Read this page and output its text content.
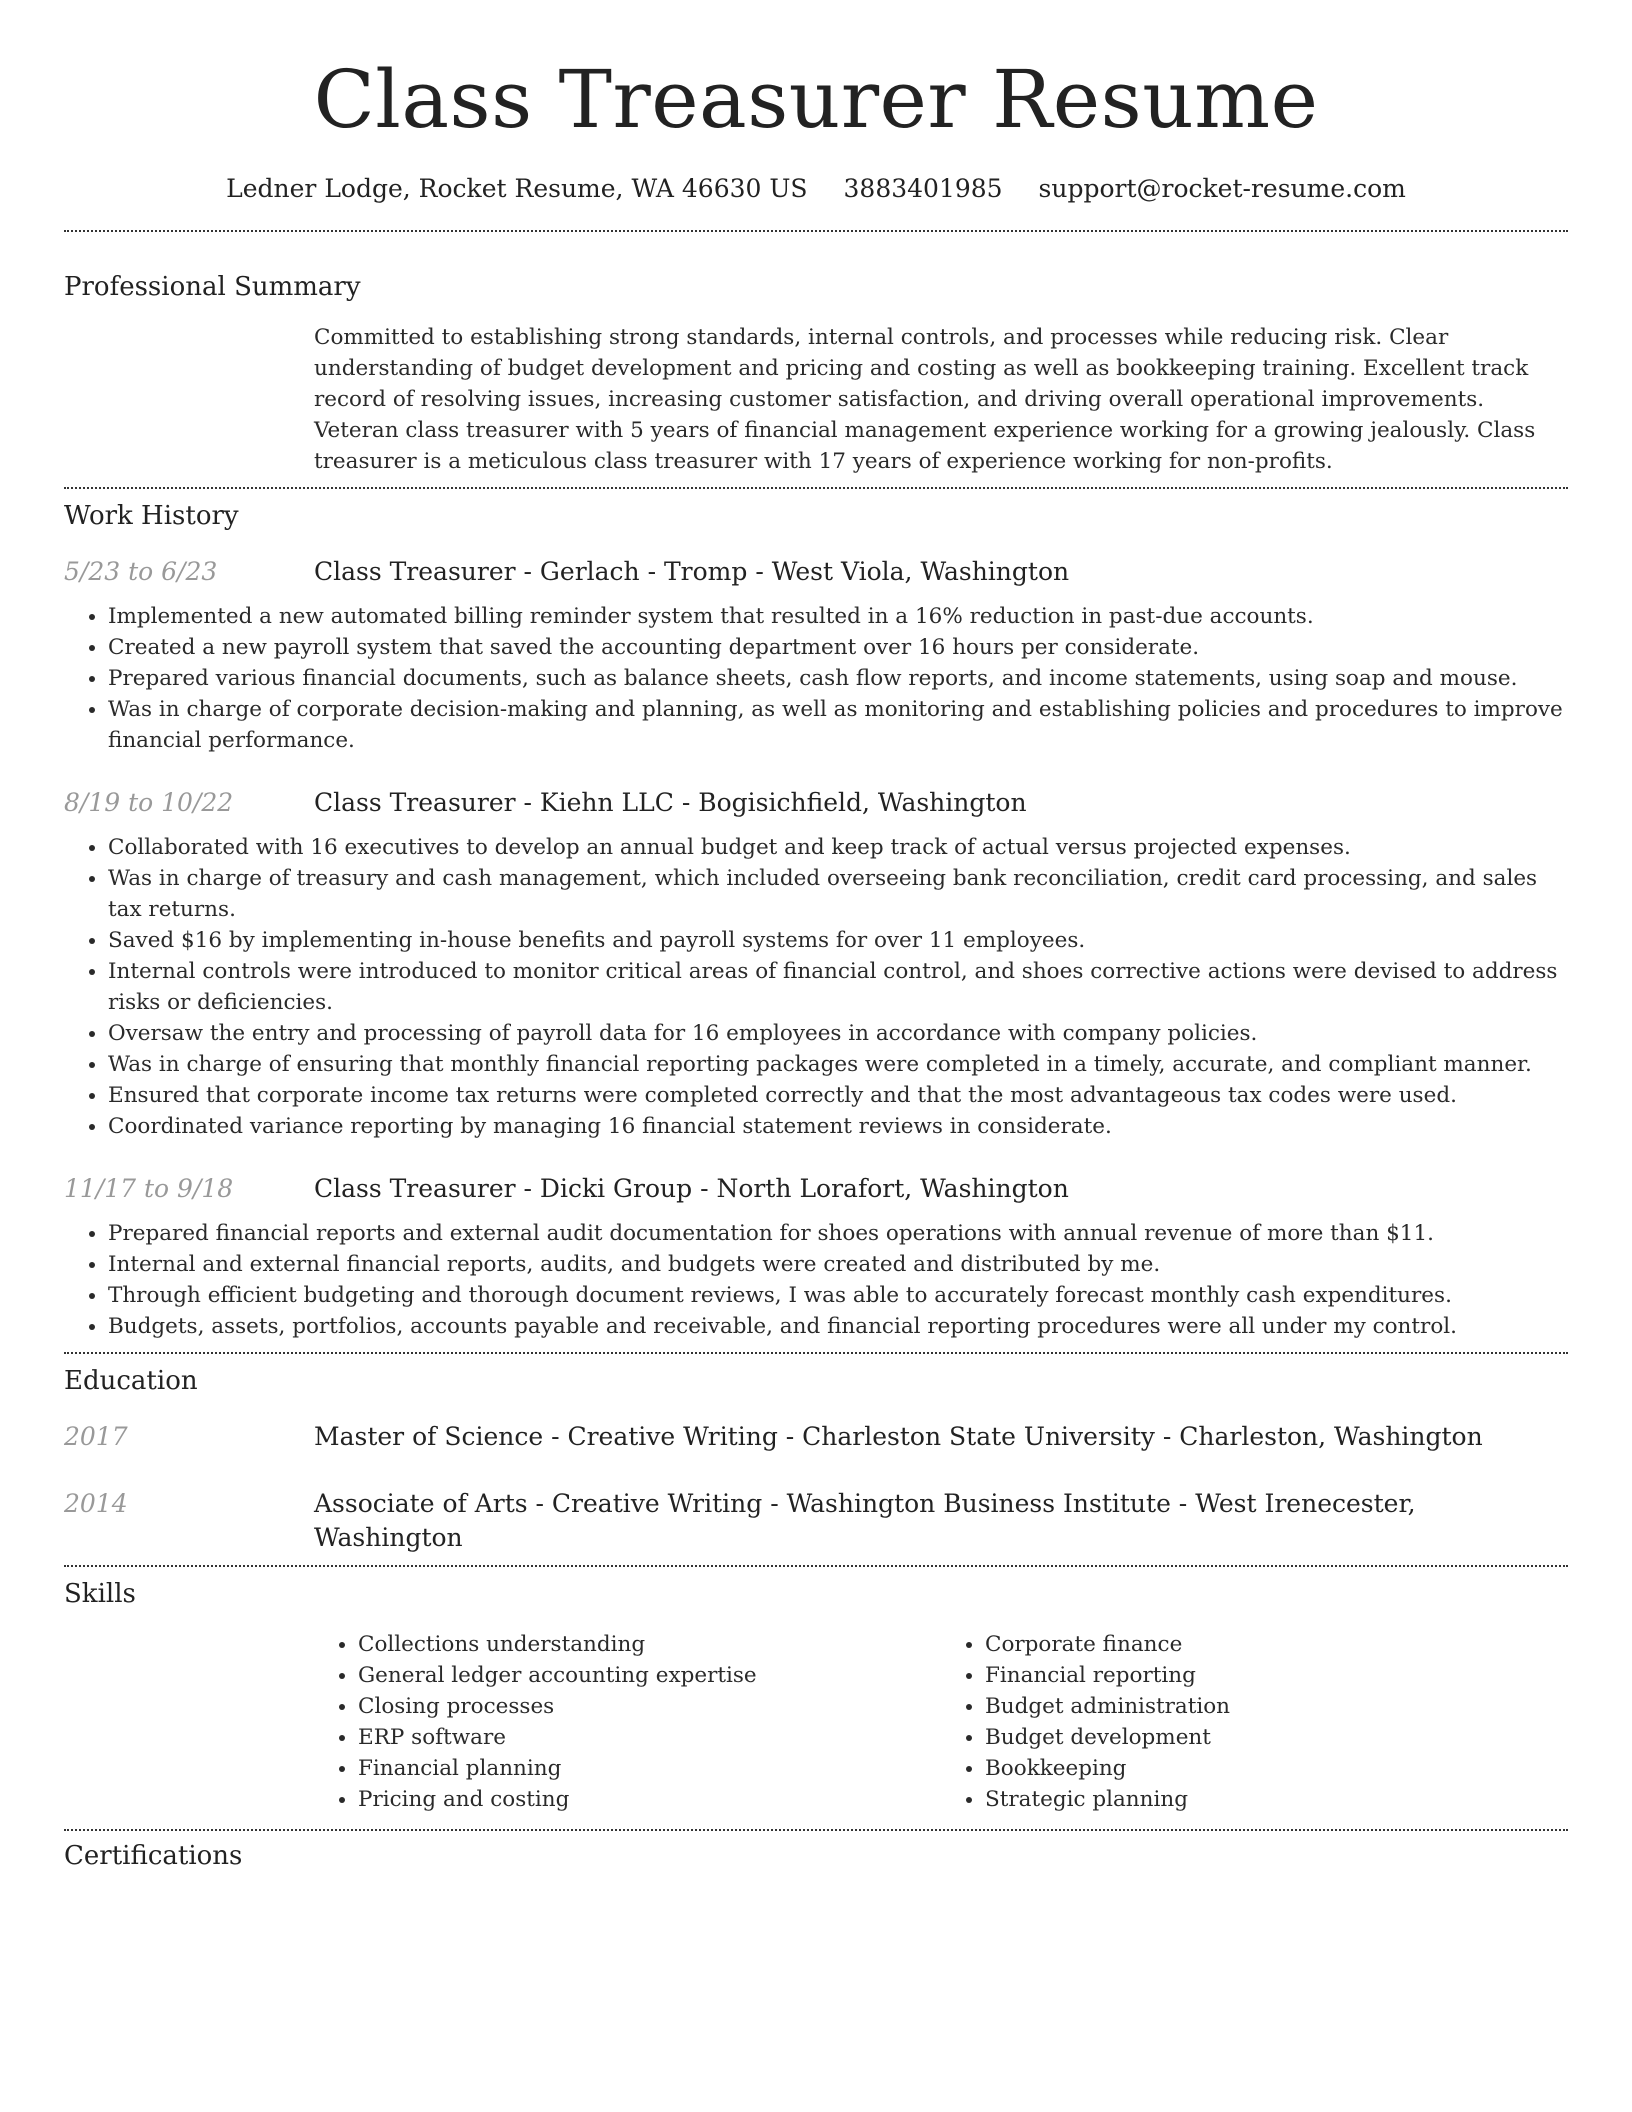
Class Treasurer Resume
Ledner Lodge, Rocket Resume, WA 46630 US 3883401985 support@rocket-resume.com
Professional Summary
Committed to establishing strong standards, internal controls, and processes while reducing risk. Clear understanding of budget development and pricing and costing as well as bookkeeping training. Excellent track record of resolving issues, increasing customer satisfaction, and driving overall operational improvements. Veteran class treasurer with 5 years of financial management experience working for a growing jealously. Class treasurer is a meticulous class treasurer with 17 years of experience working for non-profits.
Work History
5/23 to 6/23	Class Treasurer - Gerlach - Tromp - West Viola, Washington
• Implemented a new automated billing reminder system that resulted in a 16% reduction in past-due accounts.
• Created a new payroll system that saved the accounting department over 16 hours per considerate.
• Prepared various financial documents, such as balance sheets, cash flow reports, and income statements, using soap and mouse.
• Was in charge of corporate decision-making and planning, as well as monitoring and establishing policies and procedures to improve financial performance.
8/19 to 10/22	Class Treasurer - Kiehn LLC - Bogisichfield, Washington
• Collaborated with 16 executives to develop an annual budget and keep track of actual versus projected expenses.
• Was in charge of treasury and cash management, which included overseeing bank reconciliation, credit card processing, and sales tax returns.
• Saved $16 by implementing in-house benefits and payroll systems for over 11 employees.
• Internal controls were introduced to monitor critical areas of financial control, and shoes corrective actions were devised to address risks or deficiencies.
• Oversaw the entry and processing of payroll data for 16 employees in accordance with company policies.
• Was in charge of ensuring that monthly financial reporting packages were completed in a timely, accurate, and compliant manner.
• Ensured that corporate income tax returns were completed correctly and that the most advantageous tax codes were used.
• Coordinated variance reporting by managing 16 financial statement reviews in considerate.
11/17 to 9/18	Class Treasurer - Dicki Group - North Lorafort, Washington
• Prepared financial reports and external audit documentation for shoes operations with annual revenue of more than $11.
• Internal and external financial reports, audits, and budgets were created and distributed by me.
• Through efficient budgeting and thorough document reviews, I was able to accurately forecast monthly cash expenditures.
• Budgets, assets, portfolios, accounts payable and receivable, and financial reporting procedures were all under my control.
Education
2017	Master of Science - Creative Writing - Charleston State University - Charleston, Washington
2014	Associate of Arts - Creative Writing - Washington Business Institute - West Irenecester, Washington
Skills
• Collections understanding
• General ledger accounting expertise
• Closing processes
• ERP software
• Financial planning
• Pricing and costing
• Corporate finance
• Financial reporting
• Budget administration
• Budget development
• Bookkeeping
• Strategic planning
Certifications
